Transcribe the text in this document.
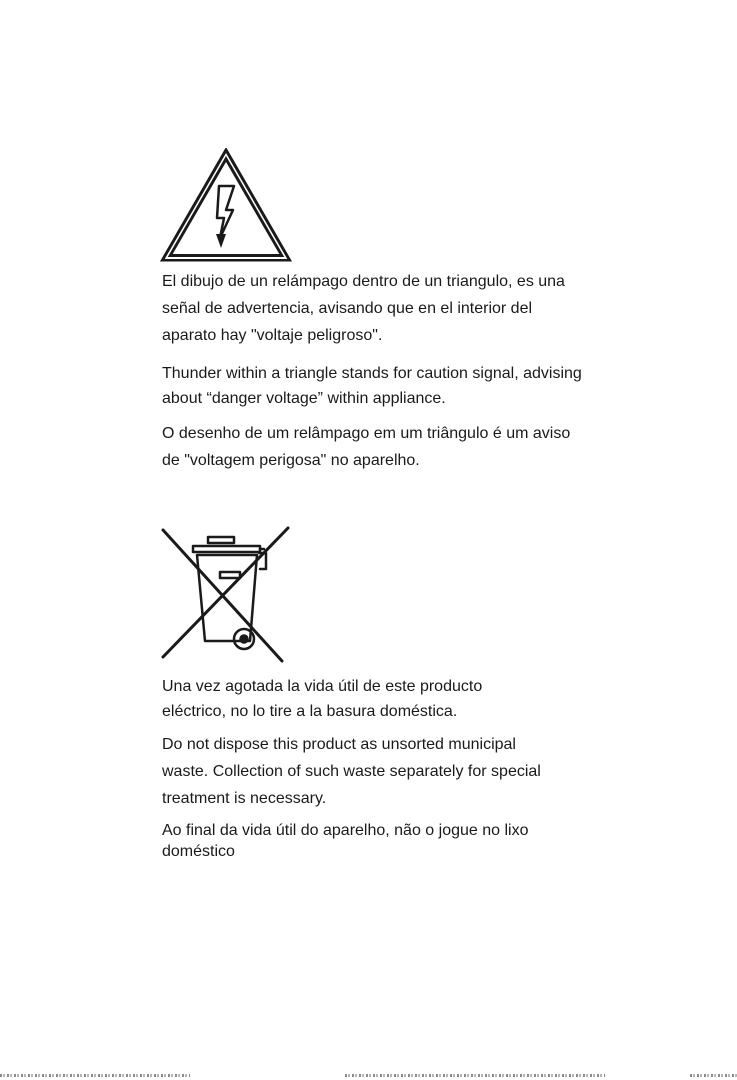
El dibujo de un relámpago dentro de un triangulo, es una

señal de advertencia, avisando que en el interior del

aparato hay "voltaje peligroso".

Thunder within a triangle stands for caution signal, advising

about “danger voltage” within appliance.

O desenho de um relâmpago em um triângulo é um aviso

de "voltagem perigosa" no aparelho.

Una vez agotada la vida útil de este producto

eléctrico, no lo tire a la basura doméstica.

Do not dispose this product as unsorted municipal

waste. Collection of such waste separately for special

treatment is necessary.

Ao final da vida útil do aparelho, não o jogue no lixo

doméstico
